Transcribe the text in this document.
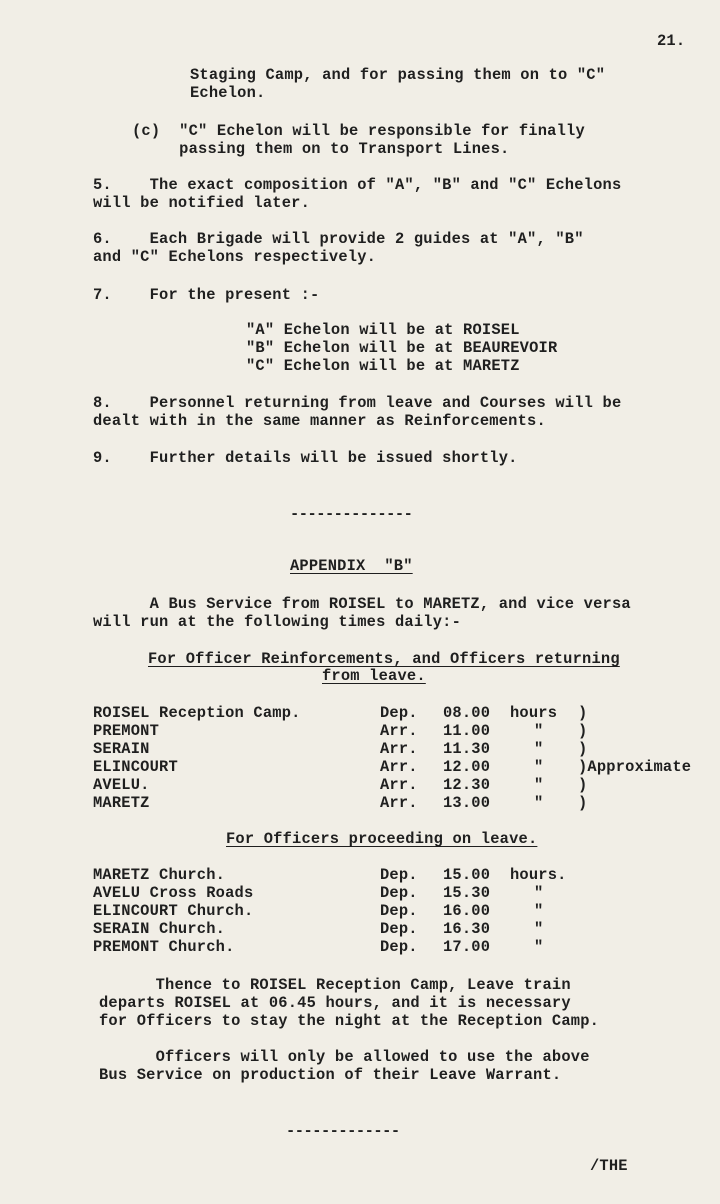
21.
Staging Camp, and for passing them on to "C"
Echelon.
(c)  "C" Echelon will be responsible for finally
passing them on to Transport Lines.
5.    The exact composition of "A", "B" and "C" Echelons
will be notified later.
6.    Each Brigade will provide 2 guides at "A", "B"
and "C" Echelons respectively.
7.    For the present :-
"A" Echelon will be at ROISEL
"B" Echelon will be at BEAUREVOIR
"C" Echelon will be at MARETZ
8.    Personnel returning from leave and Courses will be
dealt with in the same manner as Reinforcements.
9.    Further details will be issued shortly.
--------------
APPENDIX  "B"
A Bus Service from ROISEL to MARETZ, and vice versa
will run at the following times daily:-
For Officer Reinforcements, and Officers returning
from leave.
ROISEL Reception Camp.	Dep. 08.00 hours )
PREMONT	Arr. 11.00	" )
SERAIN	Arr. 11.30	" )
ELINCOURT	Arr. 12.00	" )Approximate
AVELU.	Arr. 12.30	" )
MARETZ	Arr. 13.00	" )
For Officers proceeding on leave.
MARETZ Church.	Dep. 15.00 hours.
AVELU Cross Roads	Dep. 15.30	"
ELINCOURT Church.	Dep. 16.00	"
SERAIN Church.	Dep. 16.30	"
PREMONT Church.	Dep. 17.00	"
Thence to ROISEL Reception Camp, Leave train
departs ROISEL at 06.45 hours, and it is necessary
for Officers to stay the night at the Reception Camp.
Officers will only be allowed to use the above
Bus Service on production of their Leave Warrant.
-------------
/THE
